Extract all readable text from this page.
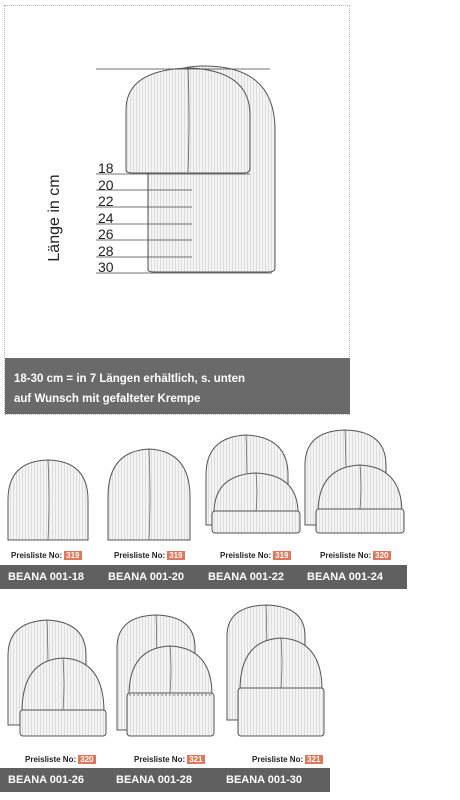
Länge in cm
18
20
22
24
26
28
30
18-30 cm = in 7 Längen erhältlich, s. unten
auf Wunsch mit gefalteter Krempe
Preisliste No: 319	Preisliste No: 319	Preisliste No: 319	Preisliste No: 320
BEANA 001-18 BEANA 001-20 BEANA 001-22 BEANA 001-24
Preisliste No: 320	Preisliste No: 321	Preisliste No: 321
BEANA 001-26	BEANA 001-28	BEANA 001-30
